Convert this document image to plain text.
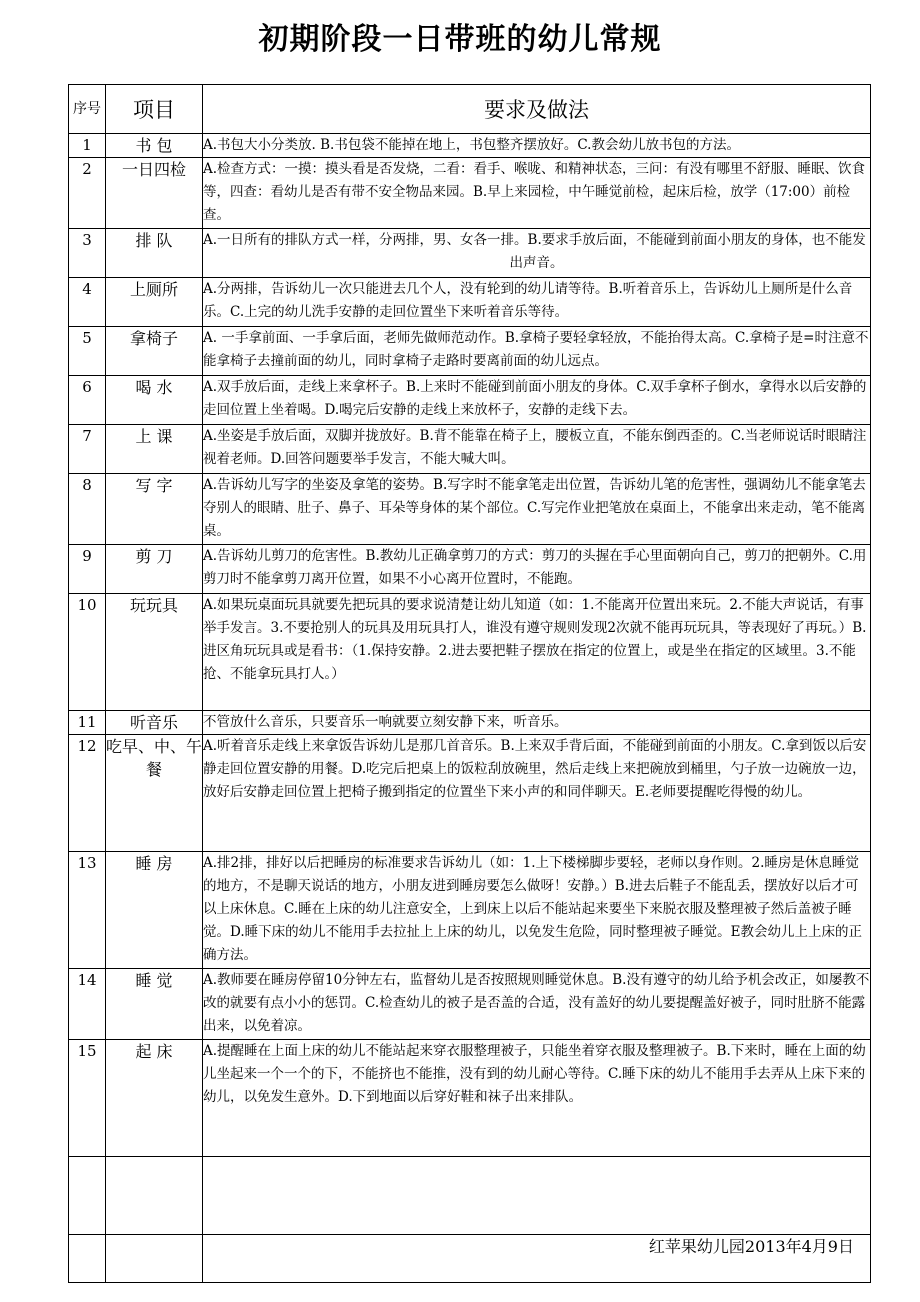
初期阶段一日带班的幼儿常规
序号	项目	要求及做法
1	书 包	A.书包大小分类放. B.书包袋不能掉在地上，书包整齐摆放好。C.教会幼儿放书包的方法。
2	一日四检	A.检查方式：一摸：摸头看是否发烧，二看：看手、喉咙、和精神状态，三问：有没有哪里不舒服、睡眠、饮食等，四查：看幼儿是否有带不安全物品来园。B.早上来园检，中午睡觉前检，起床后检，放学（17:00）前检查。
3	排 队	A.一日所有的排队方式一样，分两排，男、女各一排。B.要求手放后面，不能碰到前面小朋友的身体，也不能发出声音。
4	上厕所	A.分两排，告诉幼儿一次只能进去几个人，没有轮到的幼儿请等待。B.听着音乐上，告诉幼儿上厕所是什么音乐。C.上完的幼儿洗手安静的走回位置坐下来听着音乐等待。
5	拿椅子	A. 一手拿前面、一手拿后面，老师先做师范动作。B.拿椅子要轻拿轻放，不能抬得太高。C.拿椅子是=时注意不能拿椅子去撞前面的幼儿，同时拿椅子走路时要离前面的幼儿远点。
6	喝 水	A.双手放后面，走线上来拿杯子。B.上来时不能碰到前面小朋友的身体。C.双手拿杯子倒水，拿得水以后安静的走回位置上坐着喝。D.喝完后安静的走线上来放杯子，安静的走线下去。
7	上 课	A.坐姿是手放后面，双脚并拢放好。B.背不能靠在椅子上，腰板立直，不能东倒西歪的。C.当老师说话时眼睛注视着老师。D.回答问题要举手发言，不能大喊大叫。
8	写 字	A.告诉幼儿写字的坐姿及拿笔的姿势。B.写字时不能拿笔走出位置，告诉幼儿笔的危害性，强调幼儿不能拿笔去夺别人的眼睛、肚子、鼻子、耳朵等身体的某个部位。C.写完作业把笔放在桌面上，不能拿出来走动，笔不能离桌。
9	剪 刀	A.告诉幼儿剪刀的危害性。B.教幼儿正确拿剪刀的方式：剪刀的头握在手心里面朝向自己，剪刀的把朝外。C.用剪刀时不能拿剪刀离开位置，如果不小心离开位置时，不能跑。
10	玩玩具	A.如果玩桌面玩具就要先把玩具的要求说清楚让幼儿知道（如：1.不能离开位置出来玩。2.不能大声说话，有事举手发言。3.不要抢别人的玩具及用玩具打人，谁没有遵守规则发现2次就不能再玩玩具，等表现好了再玩。）B.进区角玩玩具或是看书：（1.保持安静。2.进去要把鞋子摆放在指定的位置上，或是坐在指定的区域里。3.不能抢、不能拿玩具打人。）
11	听音乐	不管放什么音乐，只要音乐一响就要立刻安静下来，听音乐。
12	吃早、中、午餐	A.听着音乐走线上来拿饭告诉幼儿是那几首音乐。B.上来双手背后面，不能碰到前面的小朋友。C.拿到饭以后安静走回位置安静的用餐。D.吃完后把桌上的饭粒刮放碗里，然后走线上来把碗放到桶里，勺子放一边碗放一边，放好后安静走回位置上把椅子搬到指定的位置坐下来小声的和同伴聊天。E.老师要提醒吃得慢的幼儿。
13	睡 房	A.排2排，排好以后把睡房的标准要求告诉幼儿（如：1.上下楼梯脚步要轻，老师以身作则。2.睡房是休息睡觉的地方，不是聊天说话的地方，小朋友进到睡房要怎么做呀！安静。）B.进去后鞋子不能乱丢，摆放好以后才可以上床休息。C.睡在上床的幼儿注意安全，上到床上以后不能站起来要坐下来脱衣服及整理被子然后盖被子睡觉。D.睡下床的幼儿不能用手去拉扯上上床的幼儿，以免发生危险，同时整理被子睡觉。E教会幼儿上上床的正确方法。
14	睡 觉	A.教师要在睡房停留10分钟左右，监督幼儿是否按照规则睡觉休息。B.没有遵守的幼儿给予机会改正，如屡教不改的就要有点小小的惩罚。C.检查幼儿的被子是否盖的合适，没有盖好的幼儿要提醒盖好被子，同时肚脐不能露出来，以免着凉。
15	起 床	A.提醒睡在上面上床的幼儿不能站起来穿衣服整理被子，只能坐着穿衣服及整理被子。B.下来时，睡在上面的幼儿坐起来一个一个的下，不能挤也不能推，没有到的幼儿耐心等待。C.睡下床的幼儿不能用手去弄从上床下来的幼儿，以免发生意外。D.下到地面以后穿好鞋和袜子出来排队。

红苹果幼儿园2013年4月9日
